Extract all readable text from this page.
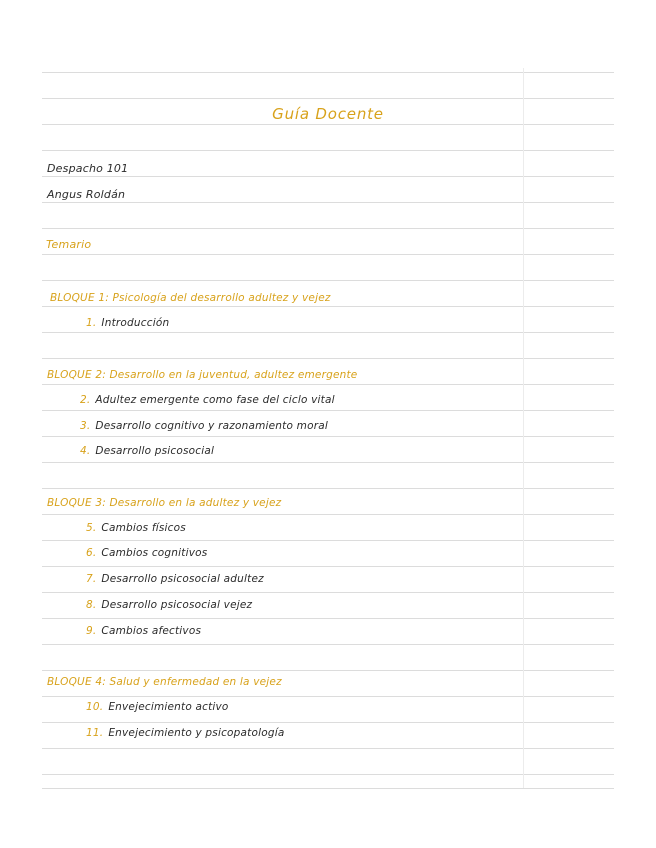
Guía Docente
Despacho 101
Angus Roldán
Temario
BLOQUE 1: Psicología del desarrollo adultez y vejez
1. Introducción
BLOQUE 2: Desarrollo en la juventud, adultez emergente
2. Adultez emergente como fase del ciclo vital
3. Desarrollo cognitivo y razonamiento moral
4. Desarrollo psicosocial
BLOQUE 3: Desarrollo en la adultez y vejez
5. Cambios físicos
6. Cambios cognitivos
7. Desarrollo psicosocial adultez
8. Desarrollo psicosocial vejez
9. Cambios afectivos
BLOQUE 4: Salud y enfermedad en la vejez
10. Envejecimiento activo
11. Envejecimiento y psicopatología
